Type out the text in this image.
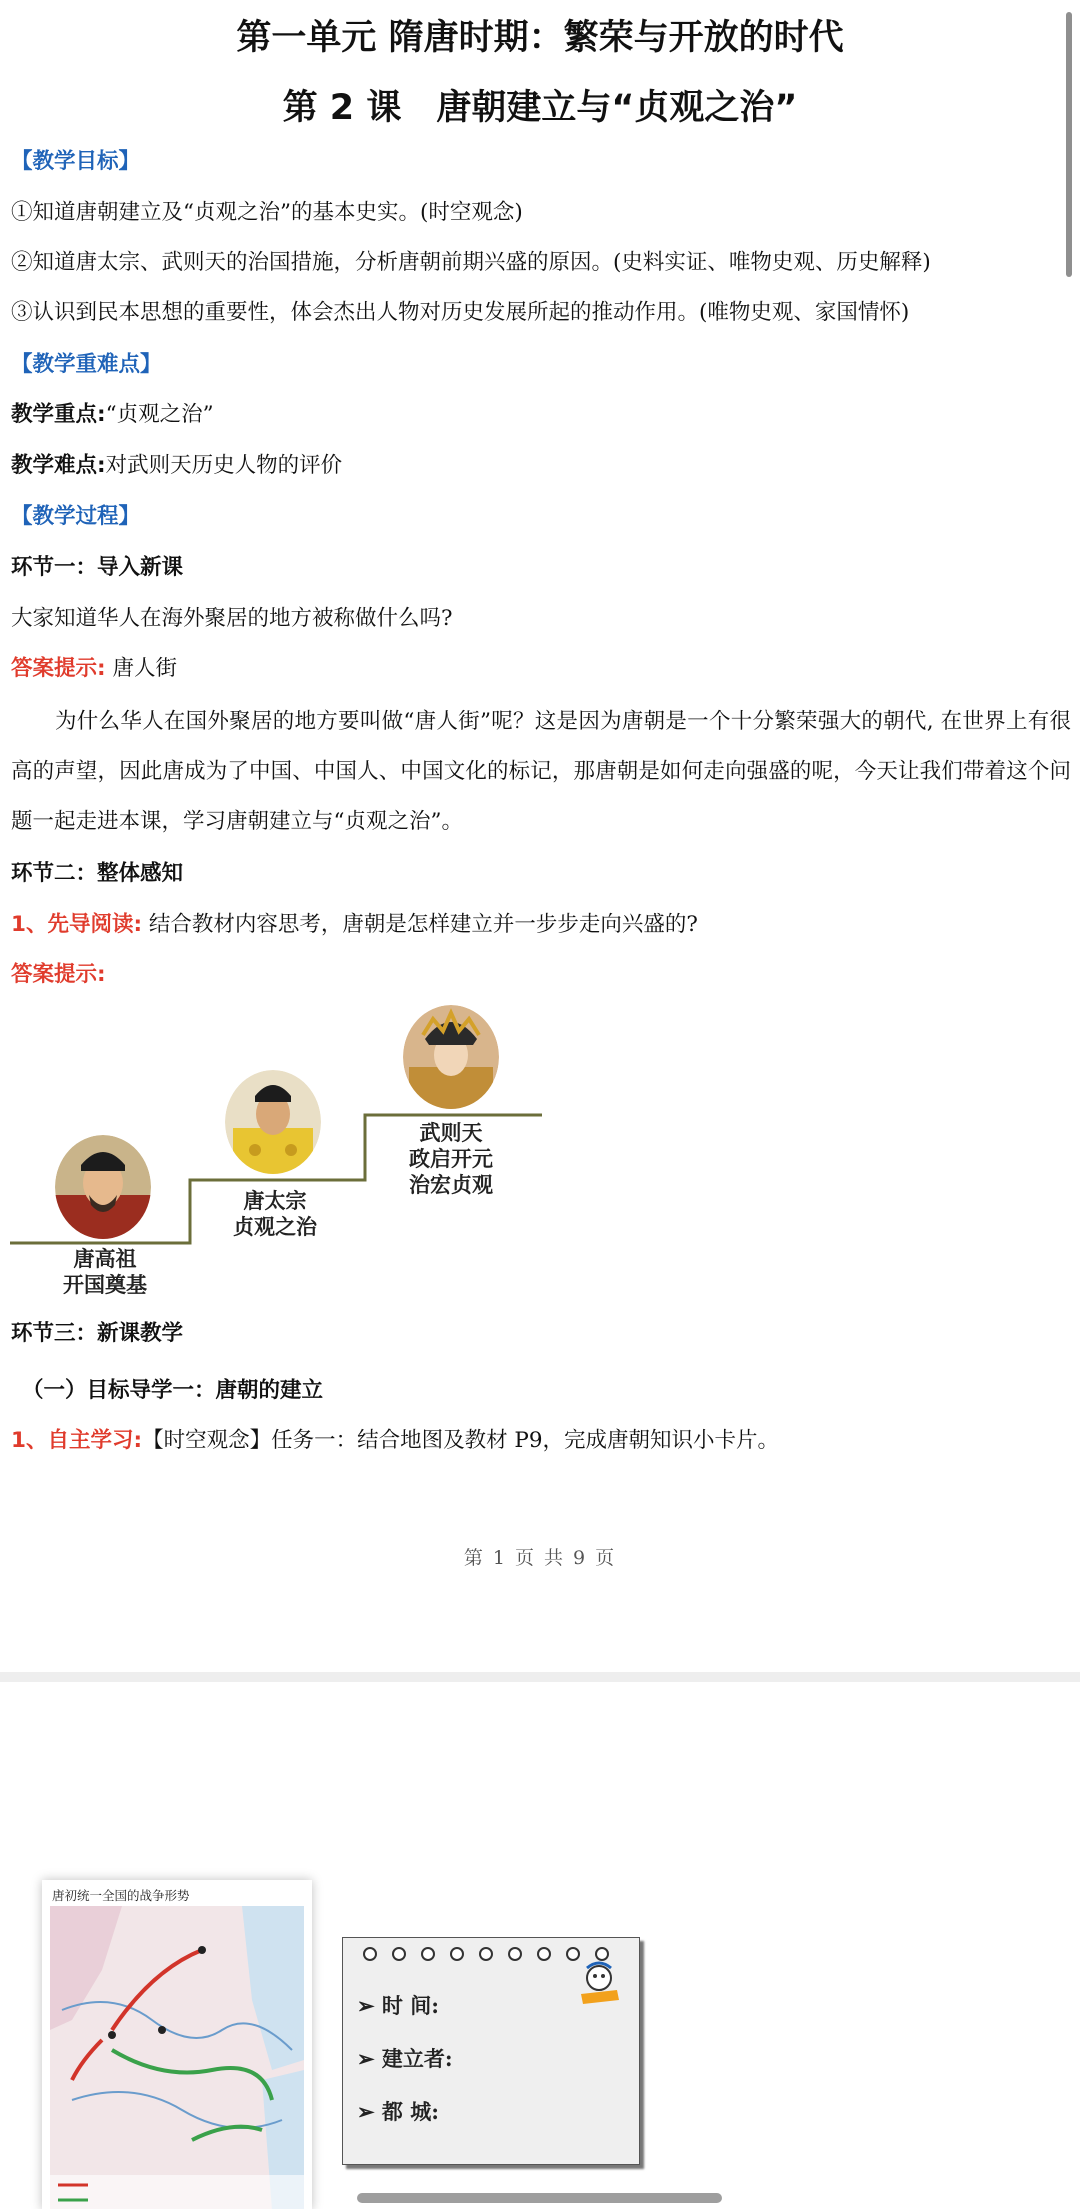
第一单元 隋唐时期：繁荣与开放的时代
第 2 课　唐朝建立与“贞观之治”
【教学目标】
①知道唐朝建立及“贞观之治”的基本史实。(时空观念)
②知道唐太宗、武则天的治国措施，分析唐朝前期兴盛的原因。(史料实证、唯物史观、历史解释)
③认识到民本思想的重要性，体会杰出人物对历史发展所起的推动作用。(唯物史观、家国情怀)
【教学重难点】
教学重点:“贞观之治”
教学难点:对武则天历史人物的评价
【教学过程】
环节一：导入新课
大家知道华人在海外聚居的地方被称做什么吗?
答案提示: 唐人街
为什么华人在国外聚居的地方要叫做“唐人街”呢？这是因为唐朝是一个十分繁荣强大的朝代, 在世界上有很高的声望，因此唐成为了中国、中国人、中国文化的标记，那唐朝是如何走向强盛的呢，今天让我们带着这个问题一起走进本课，学习唐朝建立与“贞观之治”。
环节二：整体感知
1、先导阅读: 结合教材内容思考，唐朝是怎样建立并一步步走向兴盛的?
答案提示:
唐高祖
开国奠基
唐太宗
贞观之治
武则天
政启开元
治宏贞观
环节三：新课教学
（一）目标导学一：唐朝的建立
1、自主学习:【时空观念】任务一：结合地图及教材 P9，完成唐朝知识小卡片。
第 1 页 共 9 页
唐初统一全国的战争形势
➢ 时 间:
➢ 建立者:
➢ 都 城:
